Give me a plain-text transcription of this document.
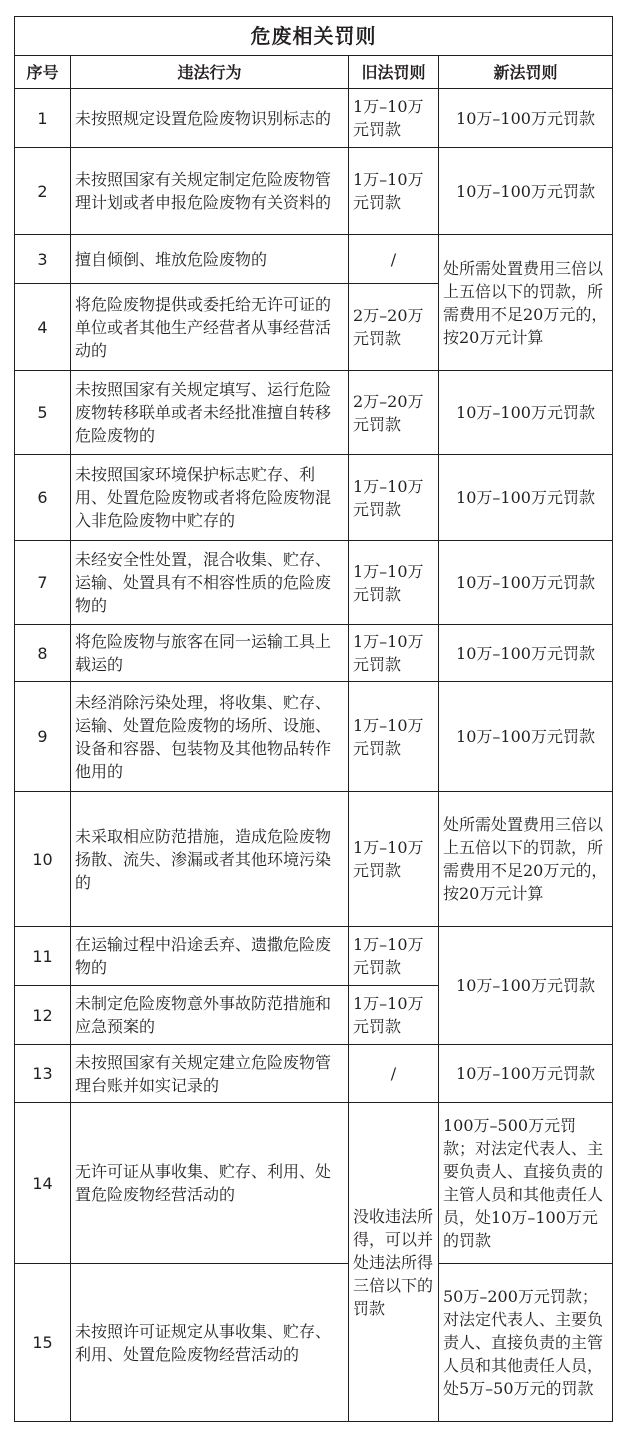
危废相关罚则			
序号	违法行为	旧法罚则	新法罚则
1	未按照规定设置危险废物识别标志的	1万–10万元罚款	10万–100万元罚款
2	未按照国家有关规定制定危险废物管理计划或者申报危险废物有关资料的	1万–10万元罚款	10万–100万元罚款
3	擅自倾倒、堆放危险废物的	/	处所需处置费用三倍以上五倍以下的罚款，所需费用不足20万元的，按20万元计算
4	将危险废物提供或委托给无许可证的单位或者其他生产经营者从事经营活动的	2万–20万元罚款	
5	未按照国家有关规定填写、运行危险废物转移联单或者未经批准擅自转移危险废物的	2万–20万元罚款	10万–100万元罚款
6	未按照国家环境保护标志贮存、利用、处置危险废物或者将危险废物混入非危险废物中贮存的	1万–10万元罚款	10万–100万元罚款
7	未经安全性处置，混合收集、贮存、运输、处置具有不相容性质的危险废物的	1万–10万元罚款	10万–100万元罚款
8	将危险废物与旅客在同一运输工具上载运的	1万–10万元罚款	10万–100万元罚款
9	未经消除污染处理，将收集、贮存、运输、处置危险废物的场所、设施、设备和容器、包装物及其他物品转作他用的	1万–10万元罚款	10万–100万元罚款
10	未采取相应防范措施，造成危险废物扬散、流失、渗漏或者其他环境污染的	1万–10万元罚款	处所需处置费用三倍以上五倍以下的罚款，所需费用不足20万元的，按20万元计算
11	在运输过程中沿途丢弃、遗撒危险废物的	1万–10万元罚款	10万–100万元罚款
12	未制定危险废物意外事故防范措施和应急预案的	1万–10万元罚款	
13	未按照国家有关规定建立危险废物管理台账并如实记录的	/	10万–100万元罚款
14	无许可证从事收集、贮存、利用、处置危险废物经营活动的	没收违法所得，可以并处违法所得三倍以下的罚款	100万–500万元罚款；对法定代表人、主要负责人、直接负责的主管人员和其他责任人员，处10万–100万元的罚款
15	未按照许可证规定从事收集、贮存、利用、处置危险废物经营活动的		50万–200万元罚款；对法定代表人、主要负责人、直接负责的主管人员和其他责任人员，处5万–50万元的罚款
